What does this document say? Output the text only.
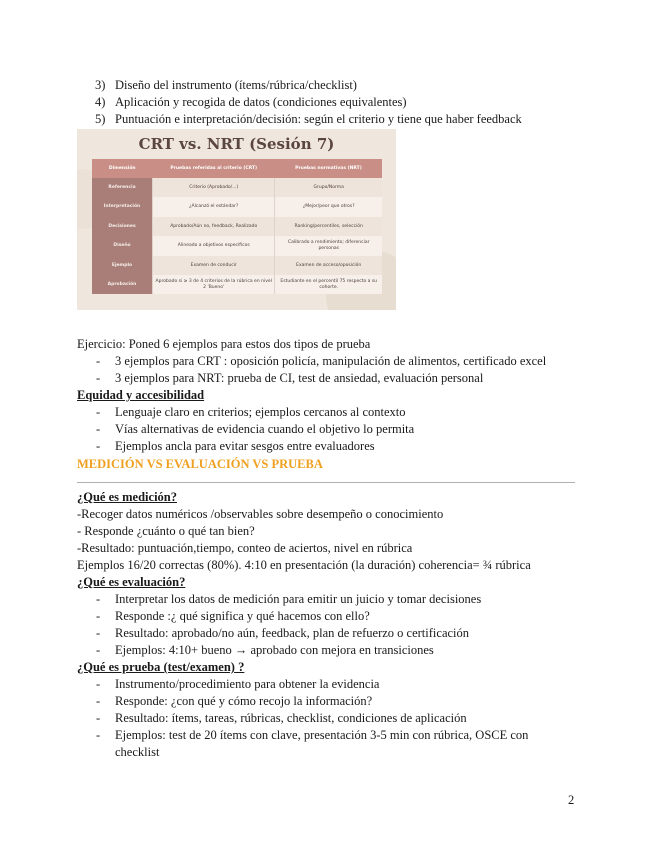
3) Diseño del instrumento (ítems/rúbrica/checklist)
4) Aplicación y recogida de datos (condiciones equivalentes)
5) Puntuación e interpretación/decisión: según el criterio y tiene que haber feedback
CRT vs. NRT (Sesión 7)
Dimensión	Pruebas referidas al criterio (CRT)	Pruebas normativas (NRT)
Referencia	Criterio (Aprobado/...)	Grupo/Norma
Interpretación	¿Alcanzó el estándar?	¿Mejor/peor que otros?
Decisiones	Aprobado/Aún no, feedback, Realizado	Ranking/percentiles, selección
Diseño	Alineado a objetivos específicos	Calibrado a rendimiento; diferenciar personas
Ejemplo	Examen de conducir	Examen de acceso/oposición
Aprobación	Aprobado si ≥ 3 de 4 criterios de la rúbrica en nivel 2 'Bueno'	Estudiante en el percentil 75 respecto a su cohorte.
Ejercicio: Poned 6 ejemplos para estos dos tipos de prueba
- 3 ejemplos para CRT : oposición policía, manipulación de alimentos, certificado excel
- 3 ejemplos para NRT: prueba de CI, test de ansiedad, evaluación personal
Equidad y accesibilidad
- Lenguaje claro en criterios; ejemplos cercanos al contexto
- Vías alternativas de evidencia cuando el objetivo lo permita
- Ejemplos ancla para evitar sesgos entre evaluadores
MEDICIÓN VS EVALUACIÓN VS PRUEBA
¿Qué es medición?
-Recoger datos numéricos /observables sobre desempeño o conocimiento
- Responde ¿cuánto o qué tan bien?
-Resultado: puntuación,tiempo, conteo de aciertos, nivel en rúbrica
Ejemplos 16/20 correctas (80%). 4:10 en presentación (la duración) coherencia= ¾ rúbrica
¿Qué es evaluación?
- Interpretar los datos de medición para emitir un juicio y tomar decisiones
- Responde :¿ qué significa y qué hacemos con ello?
- Resultado: aprobado/no aún, feedback, plan de refuerzo o certificación
- Ejemplos: 4:10+ bueno → aprobado con mejora en transiciones
¿Qué es prueba (test/examen) ?
- Instrumento/procedimiento para obtener la evidencia
- Responde: ¿con qué y cómo recojo la información?
- Resultado: ítems, tareas, rúbricas, checklist, condiciones de aplicación
- Ejemplos: test de 20 ítems con clave, presentación 3-5 min con rúbrica, OSCE con
checklist
2
